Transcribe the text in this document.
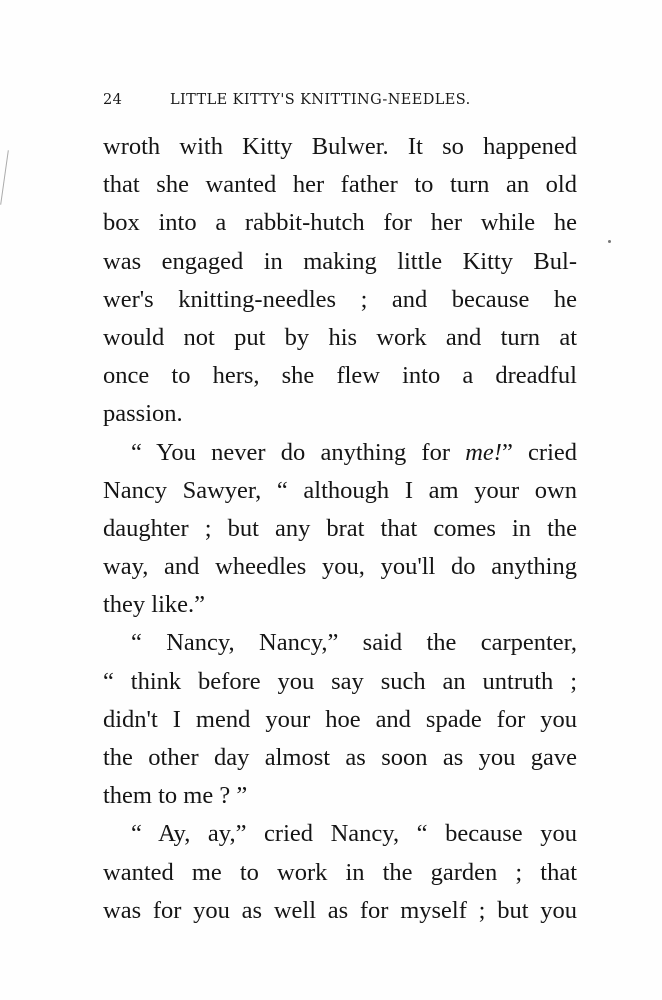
24	LITTLE KITTY'S KNITTING-NEEDLES.
wroth with Kitty Bulwer. It so happened
that she wanted her father to turn an old
box into a rabbit-hutch for her while he
was engaged in making little Kitty Bul-
wer's knitting-needles ; and because he
would not put by his work and turn at
once to hers, she flew into a dreadful
passion.
“ You never do anything for me!” cried
Nancy Sawyer, “ although I am your own
daughter ; but any brat that comes in the
way, and wheedles you, you'll do anything
they like.”
“ Nancy, Nancy,” said the carpenter,
“ think before you say such an untruth ;
didn't I mend your hoe and spade for you
the other day almost as soon as you gave
them to me ? ”
“ Ay, ay,” cried Nancy, “ because you
wanted me to work in the garden ; that
was for you as well as for myself ; but you
